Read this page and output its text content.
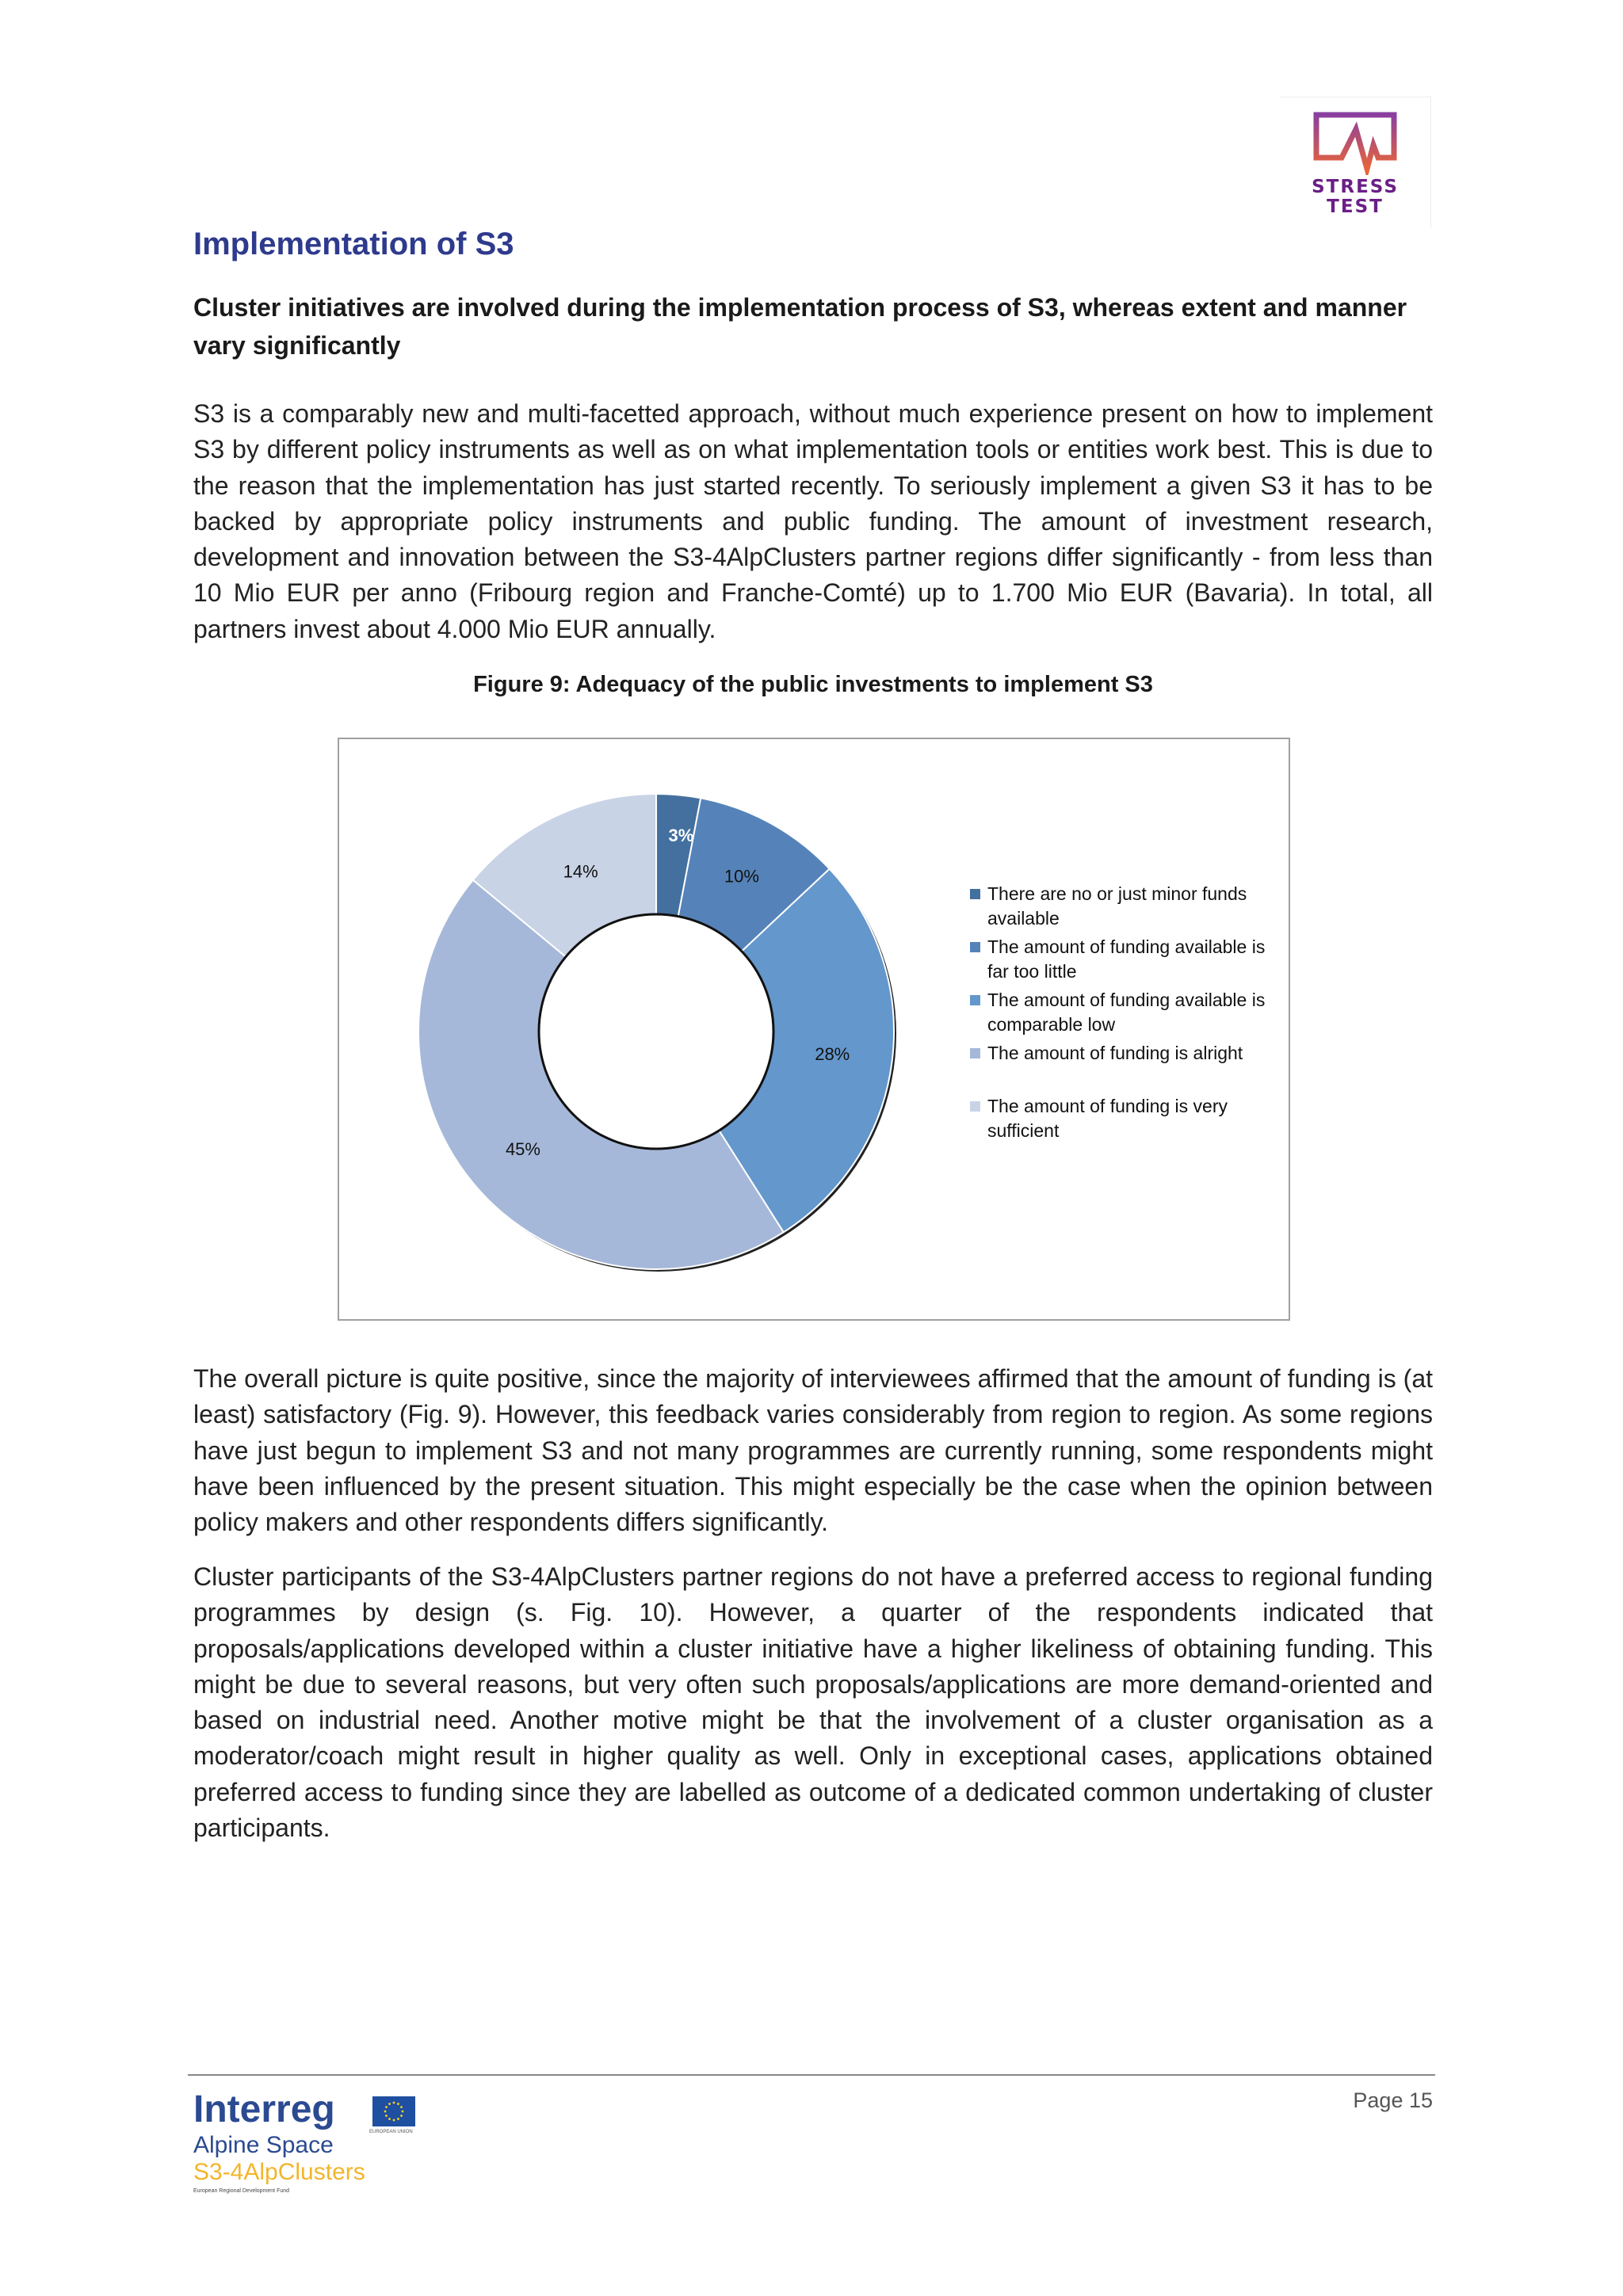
STRESS
TEST
Implementation of S3

Cluster initiatives are involved during the implementation process of S3, whereas extent and manner vary significantly

S3 is a comparably new and multi-facetted approach, without much experience present on how to implement S3 by different policy instruments as well as on what implementation tools or entities work best. This is due to the reason that the implementation has just started recently. To seriously implement a given S3 it has to be backed by appropriate policy instruments and public funding. The amount of investment research, development and innovation between the S3-4AlpClusters partner regions differ significantly - from less than 10 Mio EUR per anno (Fribourg region and Franche-Comté) up to 1.700 Mio EUR (Bavaria). In total, all partners invest about 4.000 Mio EUR annually.

Figure 9: Adequacy of the public investments to implement S3
3%
10%
28%
45%
14%
There are no or just minor funds available
The amount of funding available is far too little
The amount of funding available is comparable low
The amount of funding is alright
The amount of funding is very sufficient

The overall picture is quite positive, since the majority of interviewees affirmed that the amount of funding is (at least) satisfactory (Fig. 9). However, this feedback varies considerably from region to region. As some regions have just begun to implement S3 and not many programmes are currently running, some respondents might have been influenced by the present situation. This might especially be the case when the opinion between policy makers and other respondents differs significantly.

Cluster participants of the S3-4AlpClusters partner regions do not have a preferred access to regional funding programmes by design (s. Fig. 10). However, a quarter of the respondents indicated that proposals/applications developed within a cluster initiative have a higher likeliness of obtaining funding. This might be due to several reasons, but very often such proposals/applications are more demand-oriented and based on industrial need. Another motive might be that the involvement of a cluster organisation as a moderator/coach might result in higher quality as well. Only in exceptional cases, applications obtained preferred access to funding since they are labelled as outcome of a dedicated common undertaking of cluster participants.

Page 15
Interreg
Alpine Space
S3-4AlpClusters
European Regional Development Fund
EUROPEAN UNION
